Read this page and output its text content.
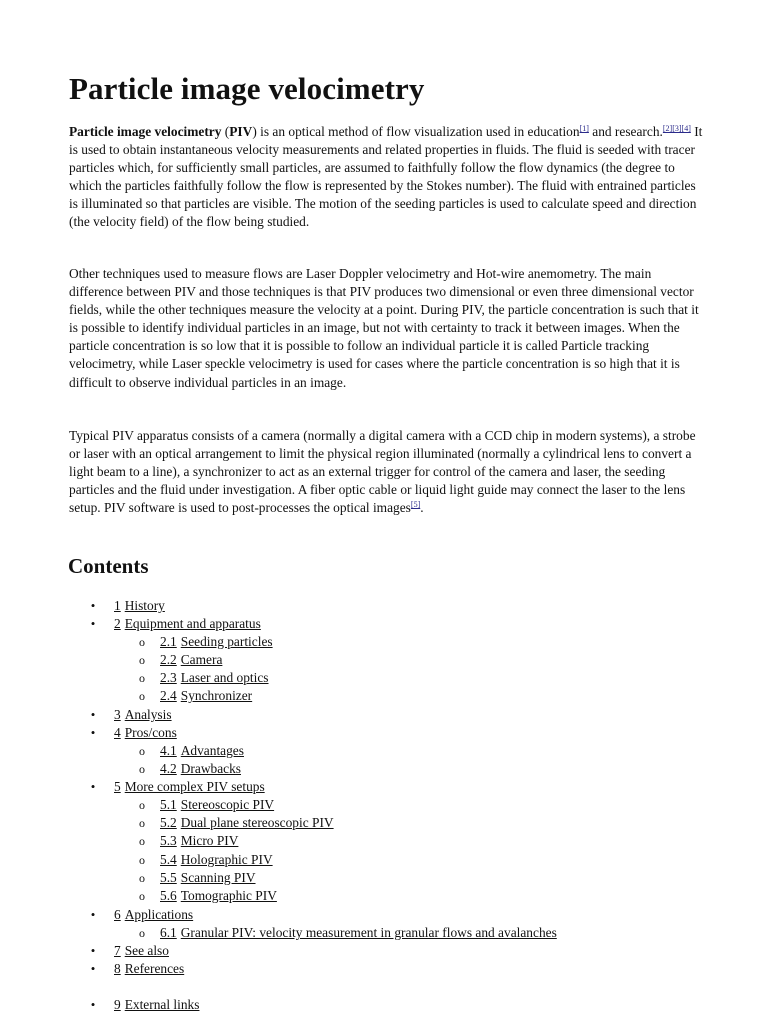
Particle image velocimetry

Particle image velocimetry (PIV) is an optical method of flow visualization used in education[1] and research.[2][3][4] It is used to obtain instantaneous velocity measurements and related properties in fluids. The fluid is seeded with tracer particles which, for sufficiently small particles, are assumed to faithfully follow the flow dynamics (the degree to which the particles faithfully follow the flow is represented by the Stokes number). The fluid with entrained particles is illuminated so that particles are visible. The motion of the seeding particles is used to calculate speed and direction (the velocity field) of the flow being studied.

Other techniques used to measure flows are Laser Doppler velocimetry and Hot-wire anemometry. The main difference between PIV and those techniques is that PIV produces two dimensional or even three dimensional vector fields, while the other techniques measure the velocity at a point. During PIV, the particle concentration is such that it is possible to identify individual particles in an image, but not with certainty to track it between images. When the particle concentration is so low that it is possible to follow an individual particle it is called Particle tracking velocimetry, while Laser speckle velocimetry is used for cases where the particle concentration is so high that it is difficult to observe individual particles in an image.

Typical PIV apparatus consists of a camera (normally a digital camera with a CCD chip in modern systems), a strobe or laser with an optical arrangement to limit the physical region illuminated (normally a cylindrical lens to convert a light beam to a line), a synchronizer to act as an external trigger for control of the camera and laser, the seeding particles and the fluid under investigation. A fiber optic cable or liquid light guide may connect the laser to the lens setup. PIV software is used to post-processes the optical images[5].

Contents
• 1 History
• 2 Equipment and apparatus
o 2.1 Seeding particles
o 2.2 Camera
o 2.3 Laser and optics
o 2.4 Synchronizer
• 3 Analysis
• 4 Pros/cons
o 4.1 Advantages
o 4.2 Drawbacks
• 5 More complex PIV setups
o 5.1 Stereoscopic PIV
o 5.2 Dual plane stereoscopic PIV
o 5.3 Micro PIV
o 5.4 Holographic PIV
o 5.5 Scanning PIV
o 5.6 Tomographic PIV
• 6 Applications
o 6.1 Granular PIV: velocity measurement in granular flows and avalanches
• 7 See also
• 8 References
• 9 External links
